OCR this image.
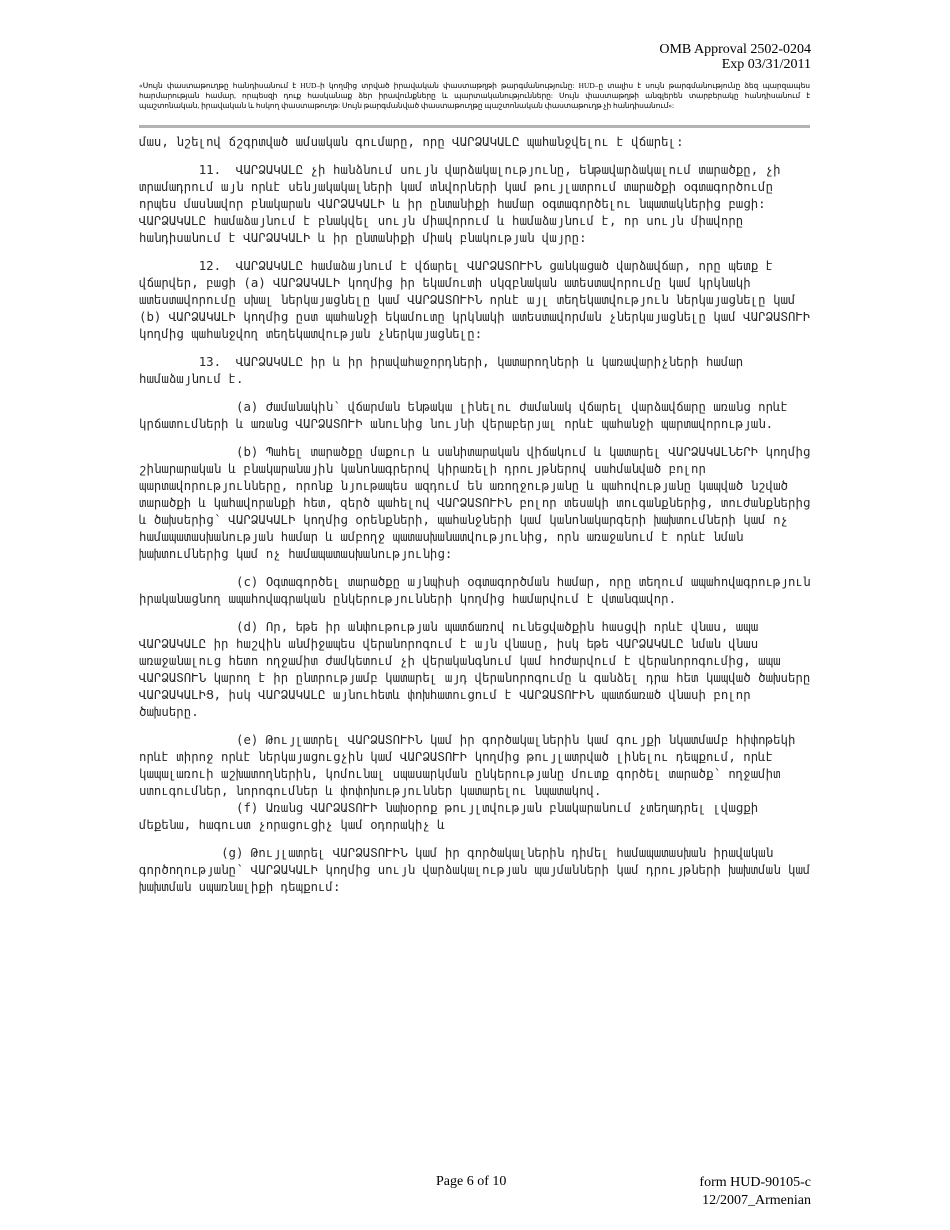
OMB Approval 2502-0204
Exp 03/31/2011
«Սույն փաստաթուղթը հանդիսանում է HUD–ի կողմից տրված իրավական փաստաթղթի թարգմանությունը: HUD–ը տալիս է սույն թարգմանությունը ձեզ պարզապես հարմարության համար, որպեսզի դուք հասկանաք ձեր իրավունքները և պարտականությունները: Սույն փաստաթղթի անգլերեն տարբերակը հանդիսանում է պաշտոնական, իրավական և հսկող փաստաթուղթ: Սույն թարգմանված փաստաթուղթը պաշտոնական փաստաթուղթ չի հանդիսանում»:

մաս, նշելով ճշգրտված ամսական գումարը, որը ՎԱՐՁԱԿԱԼԸ պահանջվելու է վճարել:

11.  ՎԱՐՁԱԿԱԼԸ չի հանձնում սույն վարձակալությունը, ենթավարձակալում տարածքը, չի տրամադրում այն որևէ սենյակակալների կամ տնվորների կամ թույլատրում տարածքի օգտագործումը որպես մասնավոր բնակարան ՎԱՐՁԱԿԱԼԻ և իր ընտանիքի համար օգտագործելու նպատակներից բացի: ՎԱՐՁԱԿԱԼԸ համաձայնում է բնակվել սույն միավորում և համաձայնում է, որ սույն միավորը հանդիսանում է ՎԱՐՁԱԿԱԼԻ և իր ընտանիքի միակ բնակության վայրը:

12.  ՎԱՐՁԱԿԱԼԸ համաձայնում է վճարել ՎԱՐՁԱՏՈՒԻՆ ցանկացած վարձավճար, որը պետք է վճարվեր, բացի (a) ՎԱՐՁԱԿԱԼԻ կողմից իր եկամուտի սկզբնական ատեստավորումը կամ կրկնակի ատեստավորումը սխալ ներկայացնելը կամ ՎԱՐՁԱՏՈՒԻՆ որևէ այլ տեղեկատվություն ներկայացնելը կամ (b) ՎԱՐՁԱԿԱԼԻ կողմից ըստ պահանջի եկամուտը կրկնակի ատեստավորման չներկայացնելը կամ ՎԱՐՁԱՏՈՒԻ կողմից պահանջվող տեղեկատվության չներկայացնելը:

13.  ՎԱՐՁԱԿԱԼԸ իր և իր իրավահաջորդների, կատարողների և կառավարիչների համար համաձայնում է.

(a) Ժամանակին՝ վճարման ենթակա լինելու ժամանակ վճարել վարձավճարը առանց որևէ կրճատումների և առանց ՎԱՐՁԱՏՈՒԻ անունից նույնի վերաբերյալ որևէ պահանջի պարտավորության.

(b) Պահել տարածքը մաքուր և սանիտարական վիճակում և կատարել ՎԱՐՁԱԿԱԼՆԵՐԻ կողմից շինարարական և բնակարանային կանոնագրերով կիրառելի դրույթներով սահմանված բոլոր պարտավորությունները, որոնք նյութապես ազդում են առողջությանը և պահովությանը կապված նշված տարածքի և կահավորանքի հետ, զերծ պահելով ՎԱՐՁԱՏՈՒԻՆ բոլոր տեսակի տուգանքներից, տուժանքներից և ծախսերից՝ ՎԱՐՁԱԿԱԼԻ կողմից օրենքների, պահանջների կամ կանոնակարգերի խախտումների կամ ոչ համապատասխանության համար և ամբողջ պատասխանատվությունից, որն առաջանում է որևէ նման խախտումներից կամ ոչ համապատասխանությունից:

(c) Օգտագործել տարածքը այնպիսի օգտագործման համար, որը տեղում ապահովագրություն իրականացնող ապահովագրական ընկերությունների կողմից համարվում է վտանգավոր.

(d) Որ, եթե իր անփութության պատճառով ունեցվածքին հասցվի որևէ վնաս, ապա ՎԱՐՁԱԿԱԼԸ իր հաշվին անմիջապես վերանորոգում է այն վնասը, իսկ եթե ՎԱՐՁԱԿԱԼԸ նման վնաս առաջանալուց հետո ողջամիտ ժամկետում չի վերականգնում կամ հոժարվում է վերանորոգումից, ապա ՎԱՐՁԱՏՈՒՆ կարող է իր ընտրությամբ կատարել այդ վերանորոգումը և գանձել դրա հետ կապված ծախսերը ՎԱՐՁԱԿԱԼԻՑ, իսկ ՎԱՐՁԱԿԱԼԸ այնուհետև փոխհատուցում է ՎԱՐՁԱՏՈՒԻՆ պատճառած վնասի բոլոր ծախսերը.

(e) Թույլատրել ՎԱՐՁԱՏՈՒԻՆ կամ իր գործակալներին կամ գույքի նկատմամբ հիփոթեկի որևէ տիրոջ որևէ ներկայացուցչին կամ ՎԱՐՁԱՏՈՒԻ կողմից թույլատրված լինելու դեպքում, որևէ կապալառուի աշխատողներին, կոմունալ սպասարկման ընկերությանը մուտք գործել տարածք՝ ողջամիտ ստուգումներ, նորոգումներ և փոփոխություններ կատարելու նպատակով.

(f) Առանց ՎԱՐՁԱՏՈՒԻ նախօրոք թույլտվության բնակարանում չտեղադրել լվացքի մեքենա, հագուստ չորացուցիչ կամ օդորակիչ և

(g) Թույլատրել ՎԱՐՁԱՏՈՒԻՆ կամ իր գործակալներին դիմել համապատասխան իրավական գործողությանը՝ ՎԱՐՁԱԿԱԼԻ կողմից սույն վարձակալության պայմանների կամ դրույթների խախտման կամ խախտման սպառնալիքի դեպքում:

Page 6 of 10	form HUD-90105-c
12/2007_Armenian
